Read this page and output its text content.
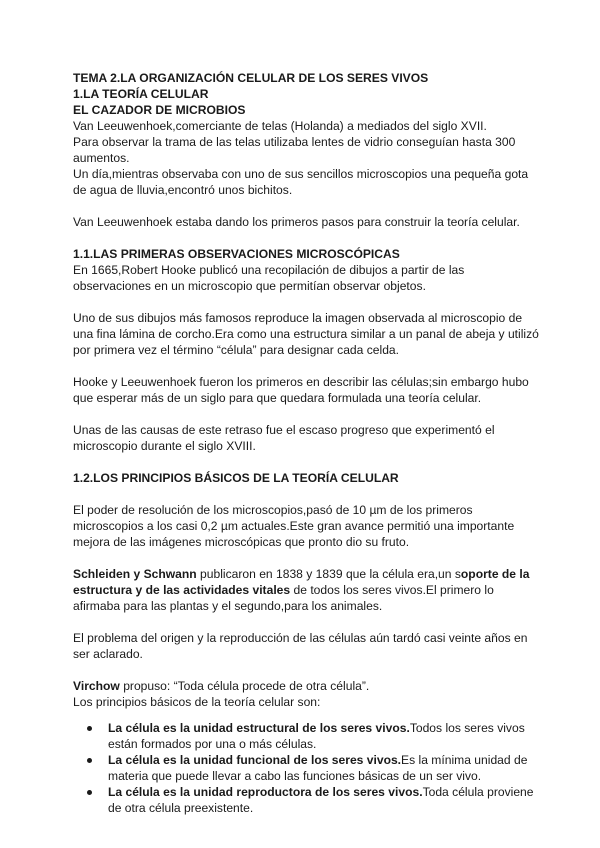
TEMA 2.LA ORGANIZACIÓN CELULAR DE LOS SERES VIVOS

1.LA TEORÍA CELULAR

EL CAZADOR DE MICROBIOS

Van Leeuwenhoek,comerciante de telas (Holanda) a mediados del siglo XVII.

Para observar la trama de las telas utilizaba lentes de vidrio conseguían hasta 300 aumentos.

Un día,mientras observaba con uno de sus sencillos microscopios una pequeña gota de agua de lluvia,encontró unos bichitos.

Van Leeuwenhoek estaba dando los primeros pasos para construir la teoría celular.

1.1.LAS PRIMERAS OBSERVACIONES MICROSCÓPICAS

En 1665,Robert Hooke publicó una recopilación de dibujos a partir de las observaciones en un microscopio que permitían observar objetos.

Uno de sus dibujos más famosos reproduce la imagen observada al microscopio de una fina lámina de corcho.Era como una estructura similar a un panal de abeja y utilizó por primera vez el término “célula” para designar cada celda.

Hooke y Leeuwenhoek fueron los primeros en describir las células;sin embargo hubo que esperar más de un siglo para que quedara formulada una teoría celular.

Unas de las causas de este retraso fue el escaso progreso que experimentó el microscopio durante el siglo XVIII.

1.2.LOS PRINCIPIOS BÁSICOS DE LA TEORÍA CELULAR

El poder de resolución de los microscopios,pasó de 10 µm de los primeros microscopios a los casi 0,2 µm actuales.Este gran avance permitió una importante mejora de las imágenes microscópicas que pronto dio su fruto.

Schleiden y Schwann publicaron en 1838 y 1839 que la célula era,un soporte de la estructura y de las actividades vitales de todos los seres vivos.El primero lo afirmaba para las plantas y el segundo,para los animales.

El problema del origen y la reproducción de las células aún tardó casi veinte años en ser aclarado.

Virchow propuso: “Toda célula procede de otra célula”.

Los principios básicos de la teoría celular son:

La célula es la unidad estructural de los seres vivos.Todos los seres vivos están formados por una o más células.
La célula es la unidad funcional de los seres vivos.Es la mínima unidad de materia que puede llevar a cabo las funciones básicas de un ser vivo.
La célula es la unidad reproductora de los seres vivos.Toda célula proviene de otra célula preexistente.
